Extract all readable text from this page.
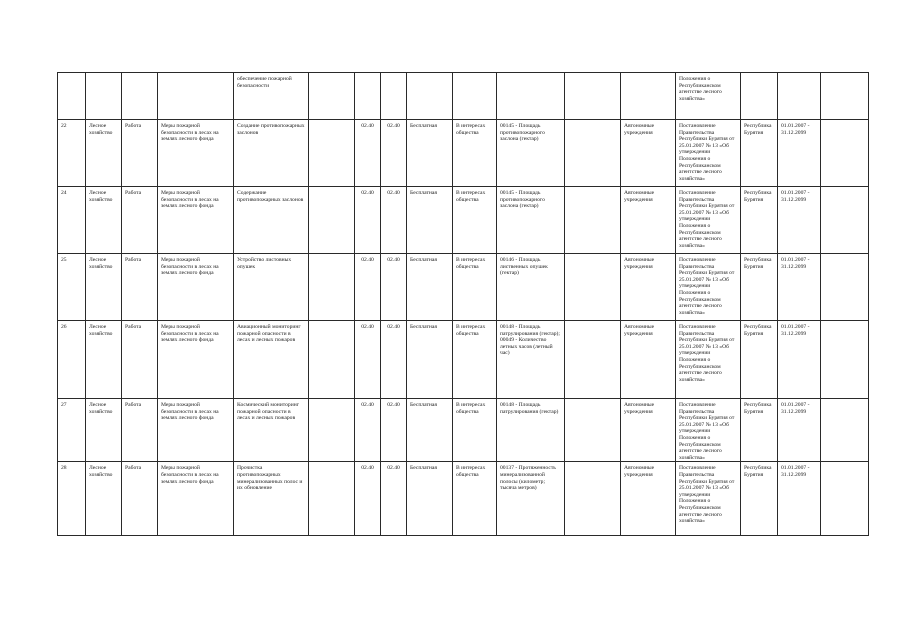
				обеспечение пожарной безопасности									Положения о Республиканском агентстве лесного хозяйства»			
22	Лесное хозяйство	Работа	Меры пожарной безопасности в лесах на землях лесного фонда	Создание противопожарных заслонов		02.40	02.40	Бесплатная	В интересах общества	00145 - Площадь противопожарного заслона (гектар)		Автономные учреждения	Постановление Правительства Республики Бурятия от 25.01.2007 № 13 «Об утверждении Положения о Республиканском агентстве лесного хозяйства»	Республика Бурятия	01.01.2007 - 31.12.2099	
24	Лесное хозяйство	Работа	Меры пожарной безопасности в лесах на землях лесного фонда	Содержание противопожарных заслонов		02.40	02.40	Бесплатная	В интересах общества	00145 - Площадь противопожарного заслона (гектар)		Автономные учреждения	Постановление Правительства Республики Бурятия от 25.01.2007 № 13 «Об утверждении Положения о Республиканском агентстве лесного хозяйства»	Республика Бурятия	01.01.2007 - 31.12.2099	
25	Лесное хозяйство	Работа	Меры пожарной безопасности в лесах на землях лесного фонда	Устройство листовных опушек		02.40	02.40	Бесплатная	В интересах общества	00146 - Площадь лиственных опушек (гектар)		Автономные учреждения	Постановление Правительства Республики Бурятия от 25.01.2007 № 13 «Об утверждении Положения о Республиканском агентстве лесного хозяйства»	Республика Бурятия	01.01.2007 - 31.12.2099	
26	Лесное хозяйство	Работа	Меры пожарной безопасности в лесах на землях лесного фонда	Авиационный мониторинг пожарной опасности в лесах и лесных пожаров		02.40	02.40	Бесплатная	В интересах общества	00148 - Площадь патрулирования (гектар); 00049 - Количество летных часов (летный час)		Автономные учреждения	Постановление Правительства Республики Бурятия от 25.01.2007 № 13 «Об утверждении Положения о Республиканском агентстве лесного хозяйства»	Республика Бурятия	01.01.2007 - 31.12.2099	
27	Лесное хозяйство	Работа	Меры пожарной безопасности в лесах на землях лесного фонда	Космический мониторинг пожарной опасности в лесах и лесных пожаров		02.40	02.40	Бесплатная	В интересах общества	00148 - Площадь патрулирования (гектар)		Автономные учреждения	Постановление Правительства Республики Бурятия от 25.01.2007 № 13 «Об утверждении Положения о Республиканском агентстве лесного хозяйства»	Республика Бурятия	01.01.2007 - 31.12.2099	
28	Лесное хозяйство	Работа	Меры пожарной безопасности в лесах на землях лесного фонда	Прочистка противопожарных минерализованных полос и их обновление		02.40	02.40	Бесплатная	В интересах общества	00137 - Протяженность минерализованной полосы (километр; тысяча метров)		Автономные учреждения	Постановление Правительства Республики Бурятия от 25.01.2007 № 13 «Об утверждении Положения о Республиканском агентстве лесного хозяйства»	Республика Бурятия	01.01.2007 - 31.12.2099	
